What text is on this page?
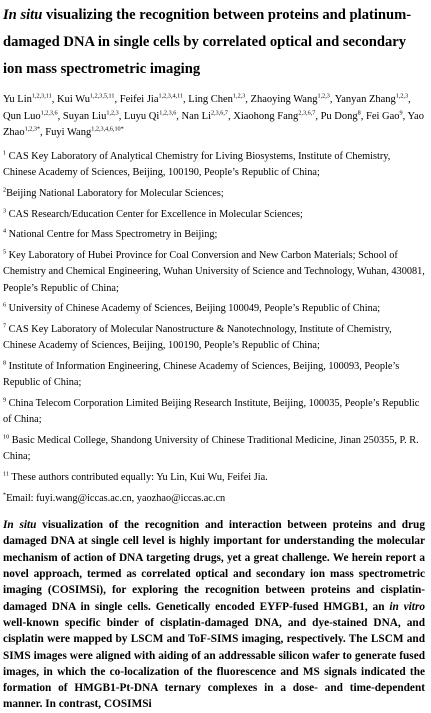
In situ visualizing the recognition between proteins and platinum-damaged DNA in single cells by correlated optical and secondary ion mass spectrometric imaging
Yu Lin$^{1,2,3,11}$, Kui Wu$^{1,2,3,5,11}$, Feifei Jia$^{1,2,3,4,11}$, Ling Chen$^{1,2,3}$, Zhaoying Wang$^{1,2,3}$, Yanyan Zhang$^{1,2,3}$, Qun Luo$^{1,2,3,6}$, Suyan Liu$^{1,2,3}$, Luyu Qi$^{1,2,3,6}$, Nan Li$^{2,3,6,7}$, Xiaohong Fang$^{2,3,6,7}$, Pu Dong$^8$, Fei Gao$^9$, Yao Zhao$^{1,2,3*}$, Fuyi Wang$^{1,2,3,4,6,10*}$

$^1$ CAS Key Laboratory of Analytical Chemistry for Living Biosystems, Institute of Chemistry, Chinese Academy of Sciences, Beijing, 100190, People’s Republic of China;

$^2$Beijing National Laboratory for Molecular Sciences;

$^3$ CAS Research/Education Center for Excellence in Molecular Sciences;

$^4$ National Centre for Mass Spectrometry in Beijing;

$^5$ Key Laboratory of Hubei Province for Coal Conversion and New Carbon Materials; School of Chemistry and Chemical Engineering, Wuhan University of Science and Technology, Wuhan, 430081, People’s Republic of China;

$^6$ University of Chinese Academy of Sciences, Beijing 100049, People’s Republic of China;

$^7$ CAS Key Laboratory of Molecular Nanostructure & Nanotechnology, Institute of Chemistry, Chinese Academy of Sciences, Beijing, 100190, People’s Republic of China;

$^8$ Institute of Information Engineering, Chinese Academy of Sciences, Beijing, 100093, People’s Republic of China;

$^9$ China Telecom Corporation Limited Beijing Research Institute, Beijing, 100035, People’s Republic of China;

$^{10}$ Basic Medical College, Shandong University of Chinese Traditional Medicine, Jinan 250355, P. R. China;

$^{11}$ These authors contributed equally: Yu Lin, Kui Wu, Feifei Jia.

*Email: fuyi.wang@iccas.ac.cn, yaozhao@iccas.ac.cn

In situ visualization of the recognition and interaction between proteins and drug damaged DNA at single cell level is highly important for understanding the molecular mechanism of action of DNA targeting drugs, yet a great challenge. We herein report a novel approach, termed as correlated optical and secondary ion mass spectrometric imaging (COSIMSi), for exploring the recognition between proteins and cisplatin-damaged DNA in single cells. Genetically encoded EYFP-fused HMGB1, an in vitro well-known specific binder of cisplatin-damaged DNA, and dye-stained DNA, and cisplatin were mapped by LSCM and ToF-SIMS imaging, respectively. The LSCM and SIMS images were aligned with aiding of an addressable silicon wafer to generate fused images, in which the co-localization of the fluorescence and MS signals indicated the formation of HMGB1-Pt-DNA ternary complexes in a dose- and time-dependent manner. In contrast, COSIMSi
